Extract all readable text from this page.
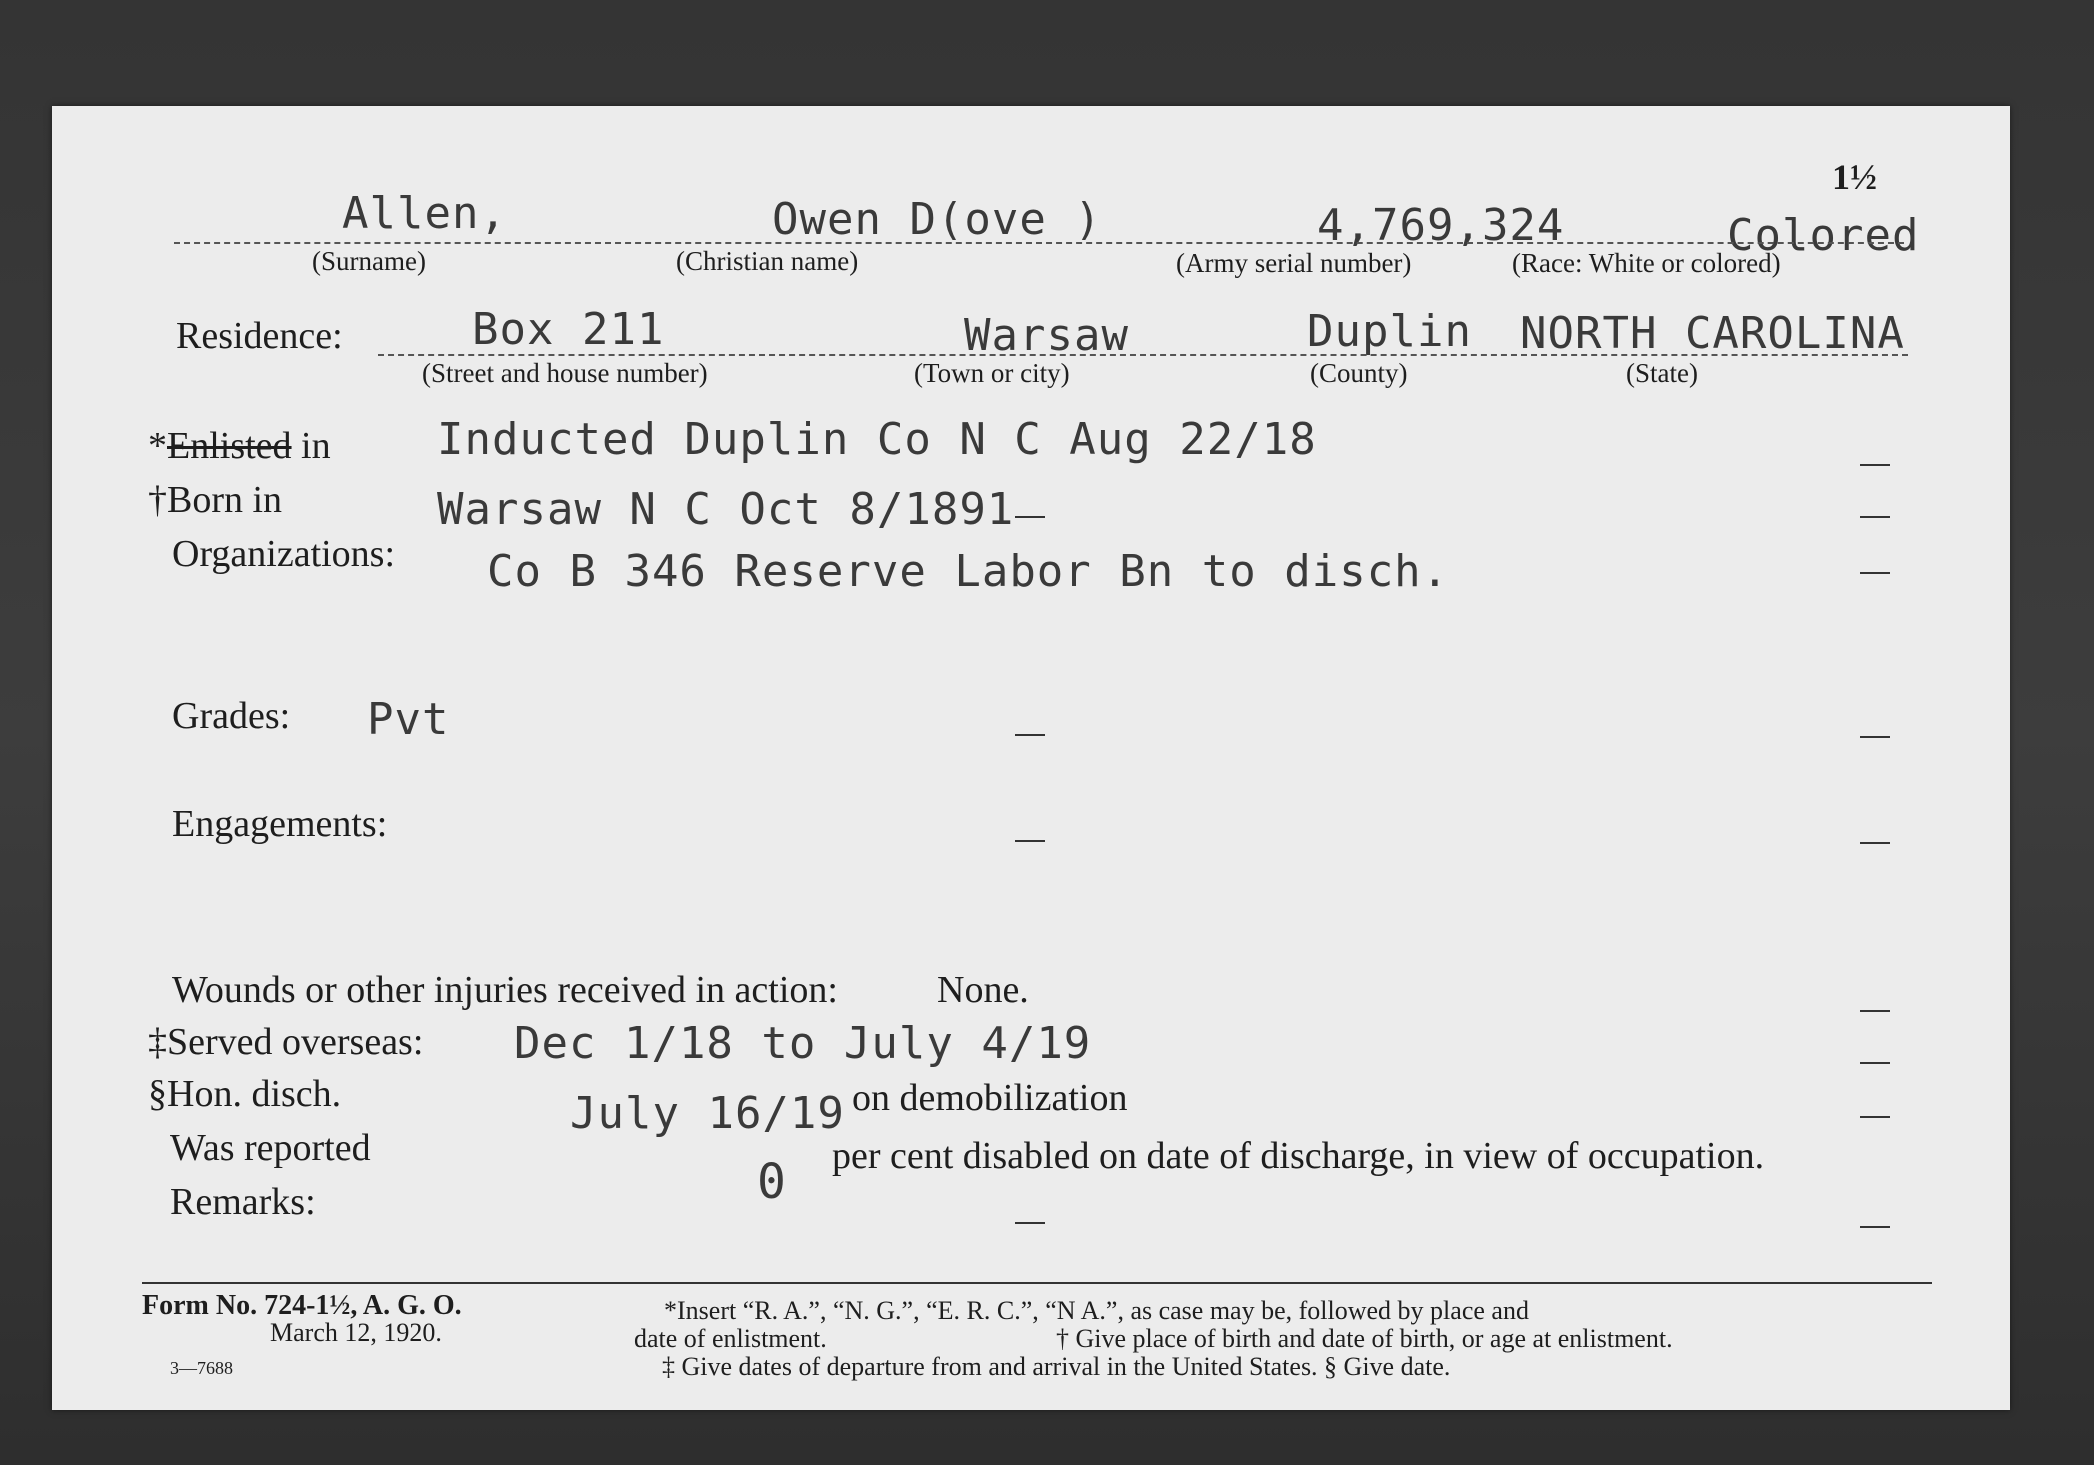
1½
Allen,	Owen D(ove )	4,769,324	Colored
(Surname)	(Christian name)	(Army serial number)	(Race: White or colored)
Residence:	Box 211	Warsaw	Duplin NORTH CAROLINA
(Street and house number)	(Town or city)	(County)	(State)
*Enlisted in Inducted Duplin Co N C Aug 22/18
†Born in	Warsaw N C Oct 8/1891
Organizations: Co B 346 Reserve Labor Bn to disch.
Grades: Pvt
Engagements:
Wounds or other injuries received in action:	None.
‡Served overseas: Dec 1/18 to July 4/19
§Hon. disch.	July 16/19 on demobilization
Was reported
0 per cent disabled on date of discharge, in view of occupation.
Remarks:
Form No. 724-1½, A. G. O.
March 12, 1920.
3—7688
*Insert “R. A.”, “N. G.”, “E. R. C.”, “N A.”, as case may be, followed by place and
date of enlistment.	† Give place of birth and date of birth, or age at enlistment.
‡ Give dates of departure from and arrival in the United States. § Give date.
